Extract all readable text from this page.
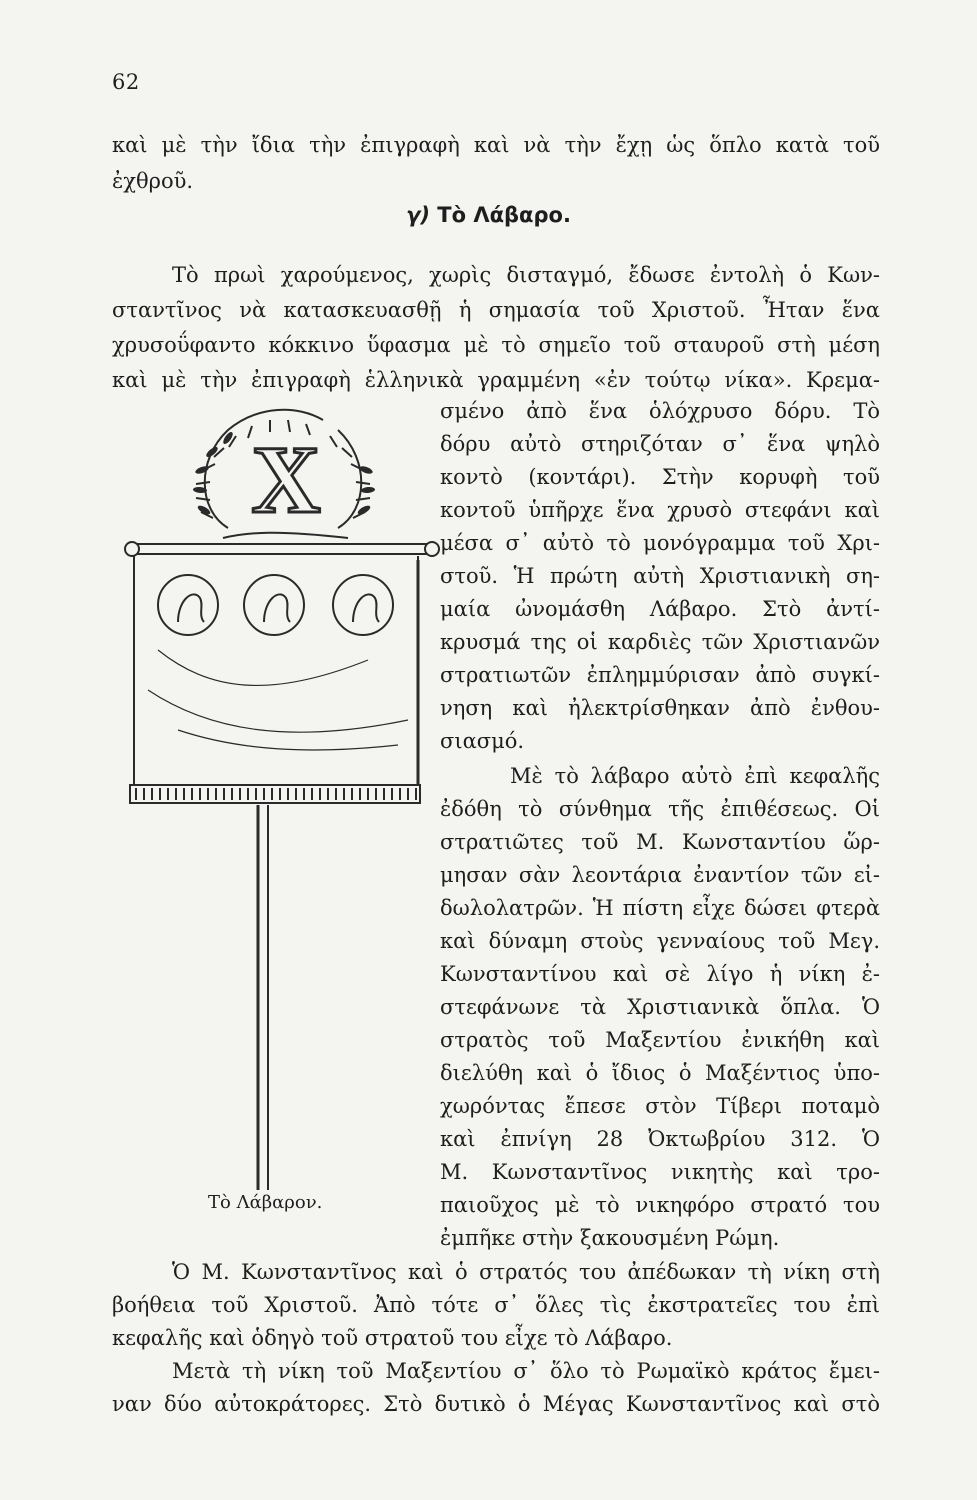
62
καὶ μὲ τὴν ἴδια τὴν ἐπιγραφὴ καὶ νὰ τὴν ἔχῃ ὡς ὅπλο κατὰ τοῦ
ἐχθροῦ.
γ) Τὸ Λάβαρο.
Τὸ πρωὶ χαρούμενος, χωρὶς δισταγμό, ἔδωσε ἐντολὴ ὁ Κων-
σταντῖνος νὰ κατασκευασθῇ ἡ σημασία τοῦ Χριστοῦ. Ἦταν ἕνα
χρυσοΰφαντο κόκκινο ὕφασμα μὲ τὸ σημεῖο τοῦ σταυροῦ στὴ μέση
καὶ μὲ τὴν ἐπιγραφὴ ἑλληνικὰ γραμμένη «ἐν τούτῳ νίκα». Κρεμα-
σμένο ἀπὸ ἕνα ὁλόχρυσο δόρυ. Τὸ
δόρυ αὐτὸ στηριζόταν σ᾽ ἕνα ψηλὸ
κοντὸ (κοντάρι). Στὴν κορυφὴ τοῦ
κοντοῦ ὑπῆρχε ἕνα χρυσὸ στεφάνι καὶ
μέσα σ᾽ αὐτὸ τὸ μονόγραμμα τοῦ Χρι-
στοῦ. Ἡ πρώτη αὐτὴ Χριστιανικὴ ση-
μαία ὠνομάσθη Λάβαρο. Στὸ ἀντί-
κρυσμά της οἱ καρδιὲς τῶν Χριστιανῶν
στρατιωτῶν ἐπλημμύρισαν ἀπὸ συγκί-
νηση καὶ ἠλεκτρίσθηκαν ἀπὸ ἐνθου-
σιασμό.
Μὲ τὸ λάβαρο αὐτὸ ἐπὶ κεφαλῆς
ἐδόθη τὸ σύνθημα τῆς ἐπιθέσεως. Οἱ
στρατιῶτες τοῦ Μ. Κωνσταντίου ὥρ-
μησαν σὰν λεοντάρια ἐναντίον τῶν εἰ-
δωλολατρῶν. Ἡ πίστη εἶχε δώσει φτερὰ
καὶ δύναμη στοὺς γενναίους τοῦ Μεγ.
Κωνσταντίνου καὶ σὲ λίγο ἡ νίκη ἐ-
στεφάνωνε τὰ Χριστιανικὰ ὅπλα. Ὁ
στρατὸς τοῦ Μαξεντίου ἐνικήθη καὶ
διελύθη καὶ ὁ ἴδιος ὁ Μαξέντιος ὑπο-
χωρόντας ἔπεσε στὸν Τίβερι ποταμὸ
καὶ ἐπνίγη 28 Ὀκτωβρίου 312. Ὁ
Μ. Κωνσταντῖνος νικητὴς καὶ τρο-
παιοῦχος μὲ τὸ νικηφόρο στρατό του
ἐμπῆκε στὴν ξακουσμένη Ρώμη.
Ὁ Μ. Κωνσταντῖνος καὶ ὁ στρατός του ἀπέδωκαν τὴ νίκη στὴ
βοήθεια τοῦ Χριστοῦ. Ἀπὸ τότε σ᾽ ὅλες τὶς ἐκστρατεῖες του ἐπὶ
κεφαλῆς καὶ ὁδηγὸ τοῦ στρατοῦ του εἶχε τὸ Λάβαρο.
Μετὰ τὴ νίκη τοῦ Μαξεντίου σ᾽ ὅλο τὸ Ρωμαϊκὸ κράτος ἔμει-
ναν δύο αὐτοκράτορες. Στὸ δυτικὸ ὁ Μέγας Κωνσταντῖνος καὶ στὸ
Χ
Τὸ Λάβαρον.
